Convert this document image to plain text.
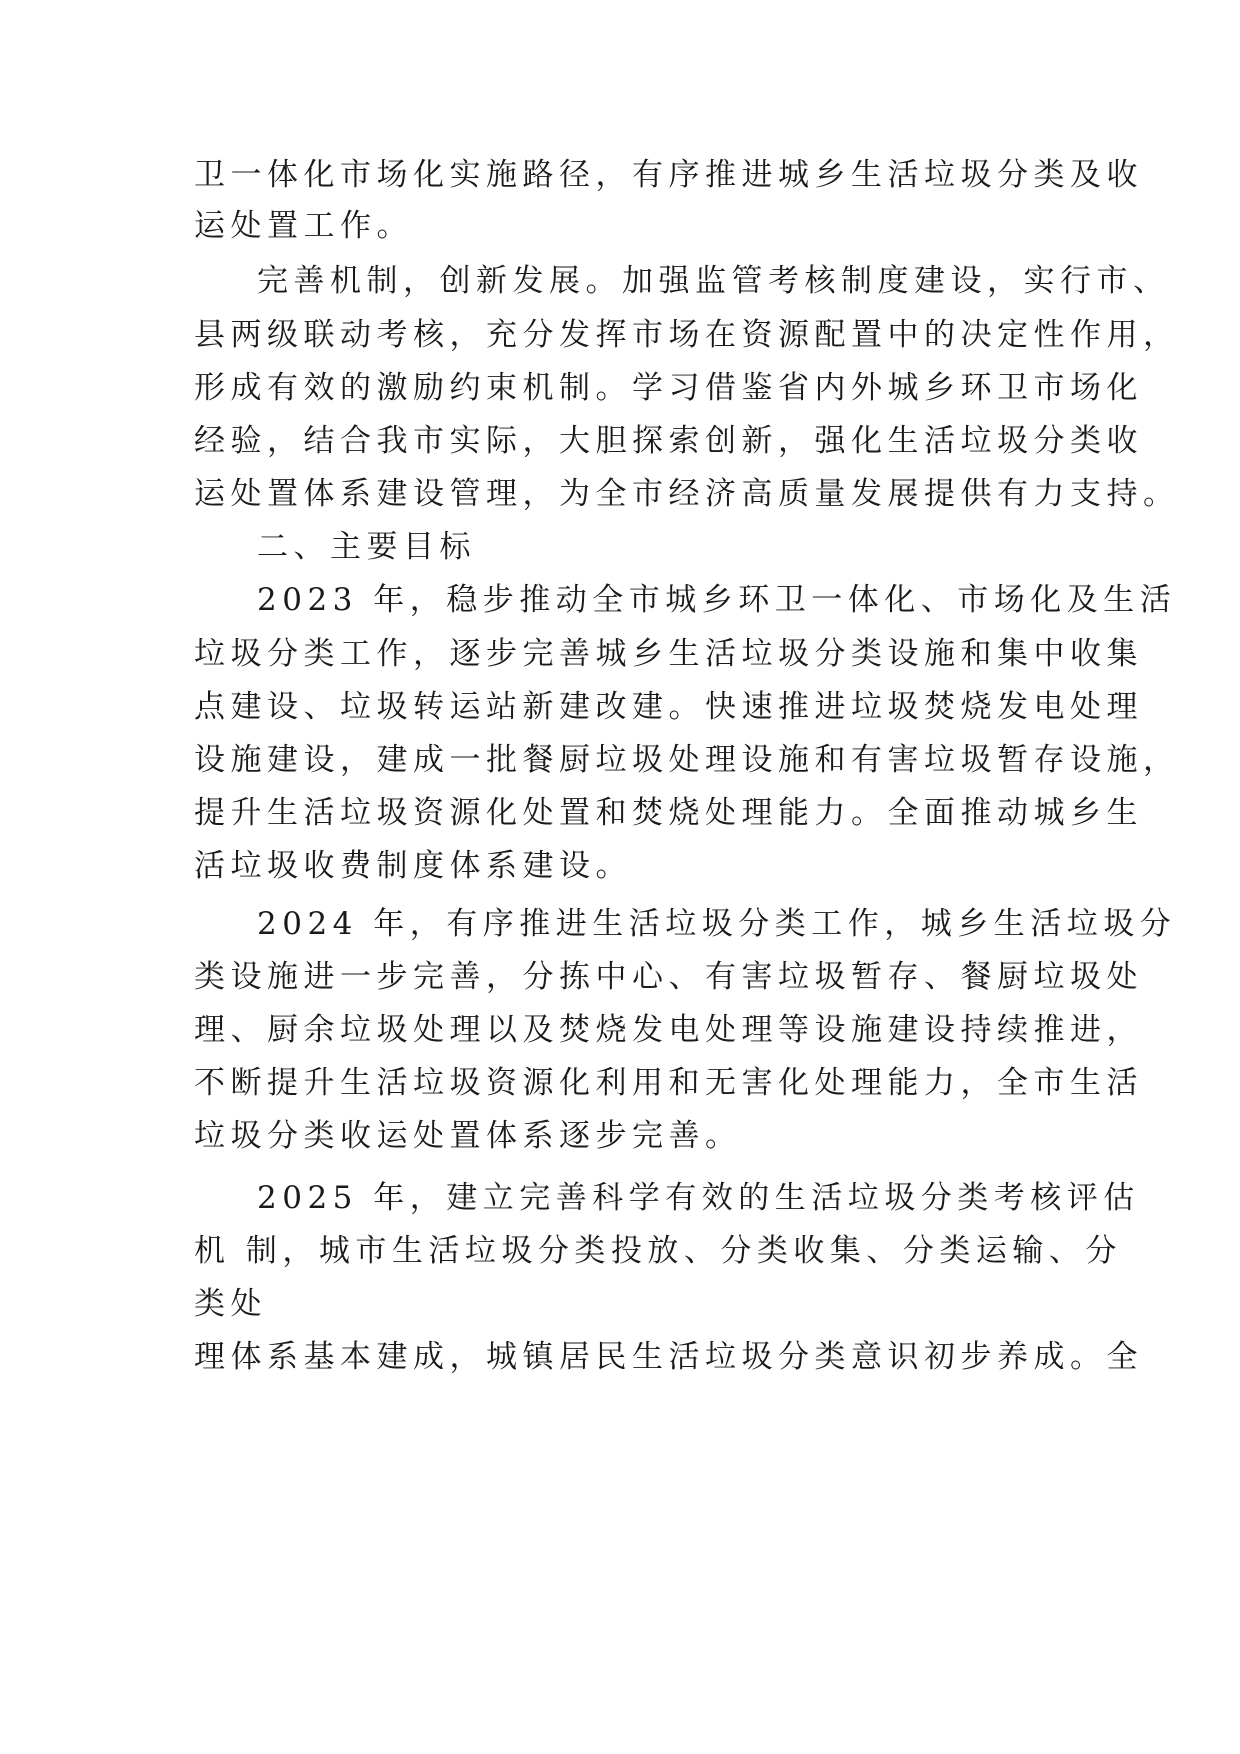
卫一体化市场化实施路径，有序推进城乡生活垃圾分类及收
运处置工作。
完善机制，创新发展。加强监管考核制度建设，实行市、
县两级联动考核，充分发挥市场在资源配置中的决定性作用，
形成有效的激励约束机制。学习借鉴省内外城乡环卫市场化
经验，结合我市实际，大胆探索创新，强化生活垃圾分类收
运处置体系建设管理，为全市经济高质量发展提供有力支持。
二、主要目标
2023 年，稳步推动全市城乡环卫一体化、市场化及生活
垃圾分类工作，逐步完善城乡生活垃圾分类设施和集中收集
点建设、垃圾转运站新建改建。快速推进垃圾焚烧发电处理
设施建设，建成一批餐厨垃圾处理设施和有害垃圾暂存设施，
提升生活垃圾资源化处置和焚烧处理能力。全面推动城乡生
活垃圾收费制度体系建设。
2024 年，有序推进生活垃圾分类工作，城乡生活垃圾分
类设施进一步完善，分拣中心、有害垃圾暂存、餐厨垃圾处
理、厨余垃圾处理以及焚烧发电处理等设施建设持续推进，
不断提升生活垃圾资源化利用和无害化处理能力，全市生活
垃圾分类收运处置体系逐步完善。
2025 年，建立完善科学有效的生活垃圾分类考核评估
机 制，城市生活垃圾分类投放、分类收集、分类运输、分
类处
理体系基本建成，城镇居民生活垃圾分类意识初步养成。全
